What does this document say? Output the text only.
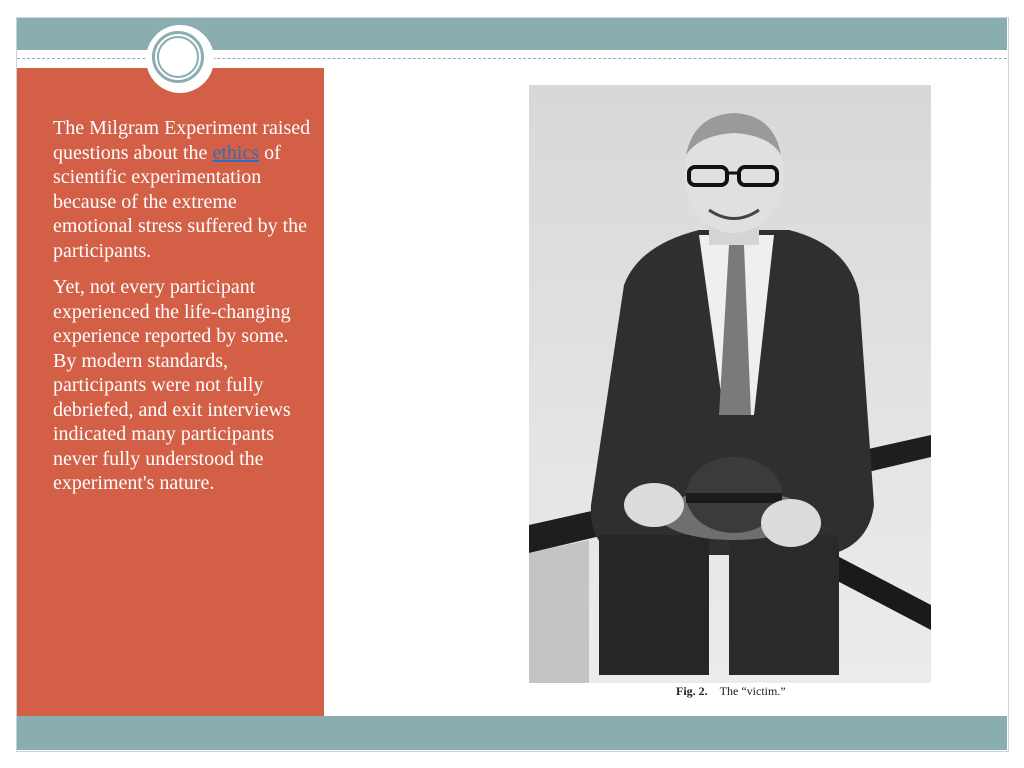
The Milgram Experiment raised questions about the ethics of scientific experimentation because of the extreme emotional stress suffered by the participants.

Yet, not every participant experienced the life-changing experience reported by some. By modern standards, participants were not fully debriefed, and exit interviews indicated many participants never fully understood the experiment's nature.

Fig. 2. The “victim.”
